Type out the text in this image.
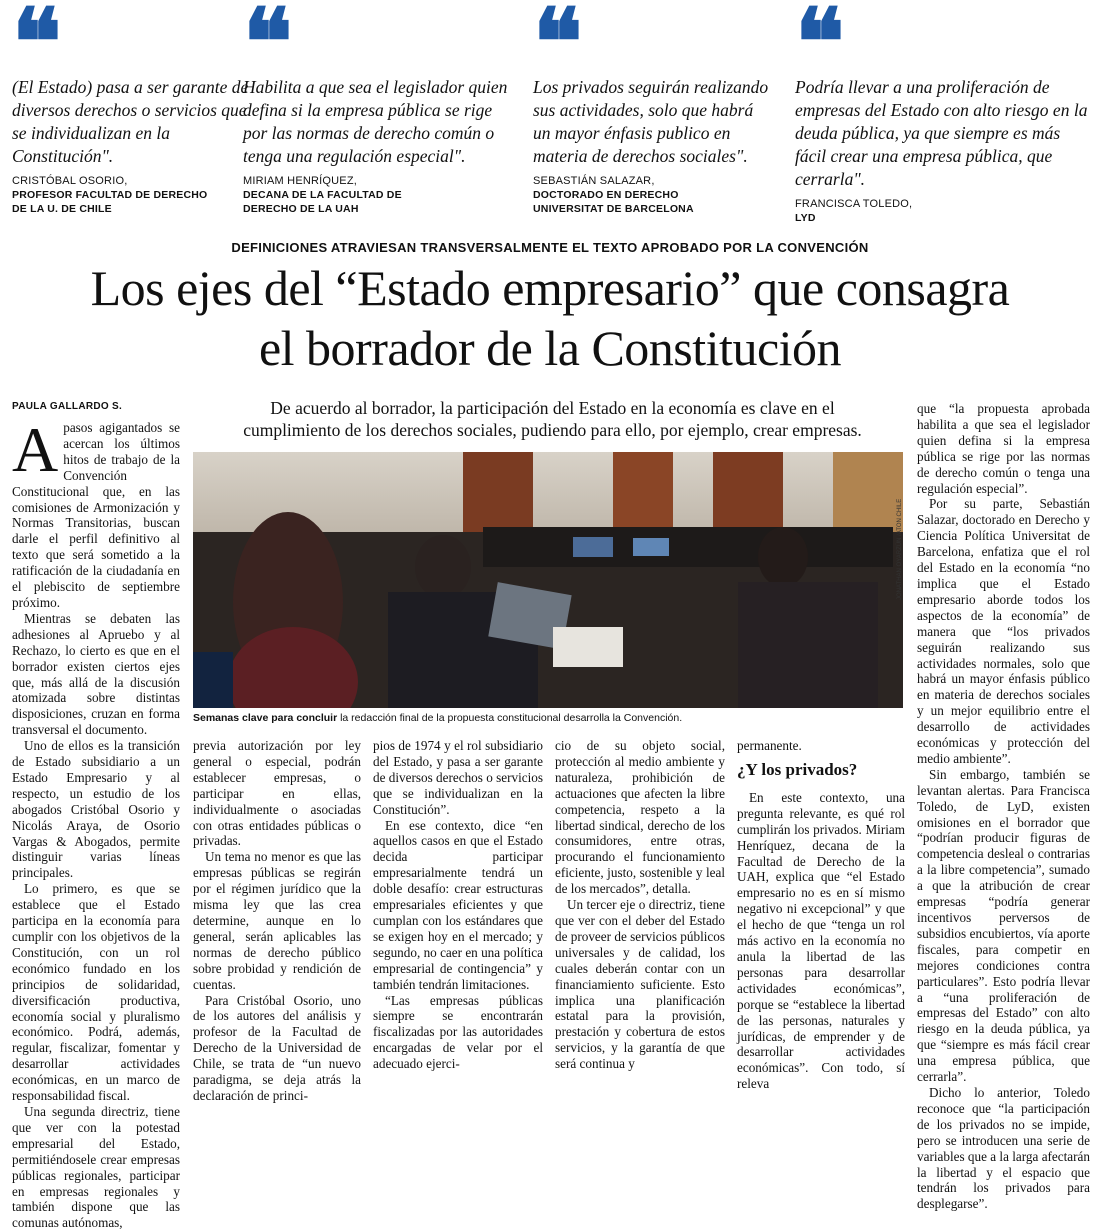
❝
(El Estado) pasa a ser garante de diversos derechos o servicios que se individualizan en la Constitución".
CRISTÓBAL OSORIO,
PROFESOR FACULTAD DE DERECHO
DE LA U. DE CHILE
❝
Habilita a que sea el legislador quien defina si la empresa pública se rige por las normas de derecho común o tenga una regulación especial".
MIRIAM HENRÍQUEZ,
DECANA DE LA FACULTAD DE
DERECHO DE LA UAH
❝
Los privados seguirán realizando sus actividades, solo que habrá un mayor énfasis publico en materia de derechos sociales".
SEBASTIÁN SALAZAR,
DOCTORADO EN DERECHO
UNIVERSITAT DE BARCELONA
❝
Podría llevar a una proliferación de empresas del Estado con alto riesgo en la deuda pública, ya que siempre es más fácil crear una empresa pública, que cerrarla".
FRANCISCA TOLEDO,
LYD
DEFINICIONES ATRAVIESAN TRANSVERSALMENTE EL TEXTO APROBADO POR LA CONVENCIÓN
Los ejes del “Estado empresario” que consagra
el borrador de la Constitución
PAULA GALLARDO S.	De acuerdo al borrador, la participación del Estado en la economía es clave en el cumplimiento de los derechos sociales, pudiendo para ello, por ejemplo, crear empresas.

Apasos agigantados se acercan los últimos hitos de trabajo de la Convención Constitucional que, en las comisiones de Armonización y Normas Transitorias, buscan darle el perfil definitivo al texto que será sometido a la ratificación de la ciudadanía en el plebiscito de septiembre próximo.

Mientras se debaten las adhesiones al Apruebo y al Rechazo, lo cierto es que en el borrador existen ciertos ejes que, más allá de la discusión atomizada sobre distintas disposiciones, cruzan en forma transversal el documento.

Uno de ellos es la transición de Estado subsidiario a un Estado Empresario y al respecto, un estudio de los abogados Cristóbal Osorio y Nicolás Araya, de Osorio Vargas & Abogados, permite distinguir varias líneas principales.

Lo primero, es que se establece que el Estado participa en la economía para cumplir con los objetivos de la Constitución, con un rol económico fundado en los principios de solidaridad, diversificación productiva, economía social y pluralismo económico. Podrá, además, regular, fiscalizar, fomentar y desarrollar actividades económicas, en un marco de responsabilidad fiscal.

Una segunda directriz, tiene que ver con la potestad empresarial del Estado, permitiéndosele crear empresas públicas regionales, participar en empresas regionales y también dispone que las comunas autónomas,

JONATHAN OYARZÚN /ATON CHILE
Semanas clave para concluir la redacción final de la propuesta constitucional desarrolla la Convención.

previa autorización por ley general o especial, podrán establecer empresas, o participar en ellas, individualmente o asociadas con otras entidades públicas o privadas.

Un tema no menor es que las empresas públicas se regirán por el régimen jurídico que la misma ley que las crea determine, aunque en lo general, serán aplicables las normas de derecho público sobre probidad y rendición de cuentas.

Para Cristóbal Osorio, uno de los autores del análisis y profesor de la Facultad de Derecho de la Universidad de Chile, se trata de “un nuevo paradigma, se deja atrás la declaración de princi-

pios de 1974 y el rol subsidiario del Estado, y pasa a ser garante de diversos derechos o servicios que se individualizan en la Constitución”.

En ese contexto, dice “en aquellos casos en que el Estado decida participar empresarialmente tendrá un doble desafío: crear estructuras empresariales eficientes y que cumplan con los estándares que se exigen hoy en el mercado; y segundo, no caer en una política empresarial de contingencia” y también tendrán limitaciones.

“Las empresas públicas siempre se encontrarán fiscalizadas por las autoridades encargadas de velar por el adecuado ejerci-

cio de su objeto social, protección al medio ambiente y naturaleza, prohibición de actuaciones que afecten la libre competencia, respeto a la libertad sindical, derecho de los consumidores, entre otras, procurando el funcionamiento eficiente, justo, sostenible y leal de los mercados”, detalla.

Un tercer eje o directriz, tiene que ver con el deber del Estado de proveer de servicios públicos universales y de calidad, los cuales deberán contar con un financiamiento suficiente. Esto implica una planificación estatal para la provisión, prestación y cobertura de estos servicios, y la garantía de que será continua y

permanente.

¿Y los privados?

En este contexto, una pregunta relevante, es qué rol cumplirán los privados. Miriam Henríquez, decana de la Facultad de Derecho de la UAH, explica que “el Estado empresario no es en sí mismo negativo ni excepcional” y que el hecho de que “tenga un rol más activo en la economía no anula la libertad de las personas para desarrollar actividades económicas”, porque se “establece la libertad de las personas, naturales y jurídicas, de emprender y de desarrollar actividades económicas”. Con todo, sí releva

que “la propuesta aprobada habilita a que sea el legislador quien defina si la empresa pública se rige por las normas de derecho común o tenga una regulación especial”.

Por su parte, Sebastián Salazar, doctorado en Derecho y Ciencia Política Universitat de Barcelona, enfatiza que el rol del Estado en la economía “no implica que el Estado empresario aborde todos los aspectos de la economía” de manera que “los privados seguirán realizando sus actividades normales, solo que habrá un mayor énfasis público en materia de derechos sociales y un mejor equilibrio entre el desarrollo de actividades económicas y protección del medio ambiente”.

Sin embargo, también se levantan alertas. Para Francisca Toledo, de LyD, existen omisiones en el borrador que “podrían producir figuras de competencia desleal o contrarias a la libre competencia”, sumado a que la atribución de crear empresas “podría generar incentivos perversos de subsidios encubiertos, vía aporte fiscales, para competir en mejores condiciones contra particulares”. Esto podría llevar a “una proliferación de empresas del Estado” con alto riesgo en la deuda pública, ya que “siempre es más fácil crear una empresa pública, que cerrarla”.

Dicho lo anterior, Toledo reconoce que “la participación de los privados no se impide, pero se introducen una serie de variables que a la larga afectarán la libertad y el espacio que tendrán los privados para desplegarse”.
